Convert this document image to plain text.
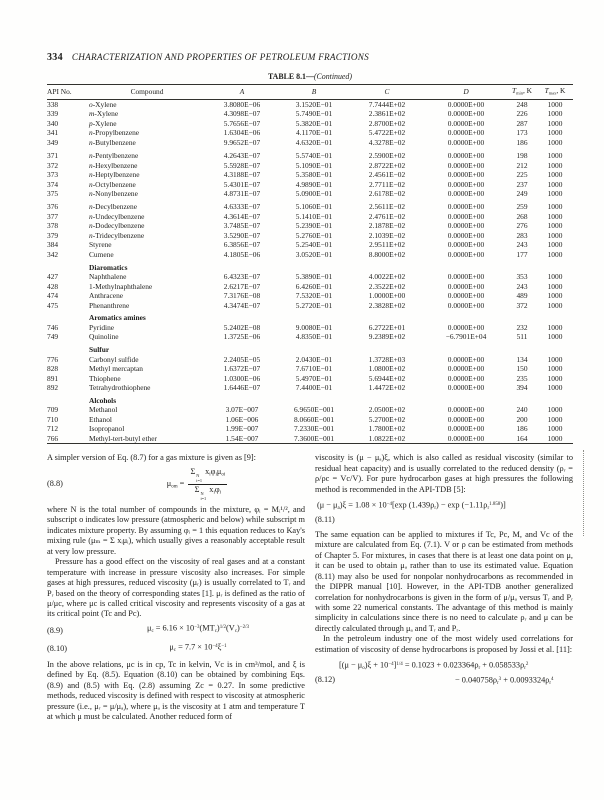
334 CHARACTERIZATION AND PROPERTIES OF PETROLEUM FRACTIONS
TABLE 8.1—(Continued)
API No.	Compound	A	B	C	D	Tmin, K	Tmax, K
338	o-Xylene	3.8080E−06	3.1520E−01	7.7444E+02	0.0000E+00	248	1000
339	m-Xylene	4.3098E−07	5.7490E−01	2.3861E+02	0.0000E+00	226	1000
340	p-Xylene	5.7656E−07	5.3820E−01	2.8700E+02	0.0000E+00	287	1000
341	n-Propylbenzene	1.6304E−06	4.1170E−01	5.4722E+02	0.0000E+00	173	1000
349	n-Butylbenzene	9.9652E−07	4.6320E−01	4.3278E−02	0.0000E+00	186	1000

371	n-Pentylbenzene	4.2643E−07	5.5740E−01	2.5900E+02	0.0000E+00	198	1000
372	n-Hexylbenzene	5.5928E−07	5.1090E−01	2.8722E+02	0.0000E+00	212	1000
373	n-Heptylbenzene	4.3188E−07	5.3580E−01	2.4561E−02	0.0000E+00	225	1000
374	n-Octylbenzene	5.4301E−07	4.9890E−01	2.7711E−02	0.0000E+00	237	1000
375	n-Nonylbenzene	4.8731E−07	5.0900E−01	2.6178E−02	0.0000E+00	249	1000

376	n-Decylbenzene	4.6333E−07	5.1060E−01	2.5611E−02	0.0000E+00	259	1000
377	n-Undecylbenzene	4.3614E−07	5.1410E−01	2.4761E−02	0.0000E+00	268	1000
378	n-Dodecylbenzene	3.7485E−07	5.2390E−01	2.1878E−02	0.0000E+00	276	1000
379	n-Tridecylbenzene	3.5290E−07	5.2760E−01	2.1039E−02	0.0000E+00	283	1000
384	Styrene	6.3856E−07	5.2540E−01	2.9511E+02	0.0000E+00	243	1000
342	Cumene	4.1805E−06	3.0520E−01	8.8000E+02	0.0000E+00	177	1000
	Diaromatics						
427	Naphthalene	6.4323E−07	5.3890E−01	4.0022E+02	0.0000E+00	353	1000
428	1-Methylnaphthalene	2.6217E−07	6.4260E−01	2.3522E+02	0.0000E+00	243	1000
474	Anthracene	7.3176E−08	7.5320E−01	1.0000E+00	0.0000E+00	489	1000
475	Phenanthrene	4.3474E−07	5.2720E−01	2.3828E+02	0.0000E+00	372	1000
	Aromatics amines						
746	Pyridine	5.2402E−08	9.0080E−01	6.2722E+01	0.0000E+00	232	1000
749	Quinoline	1.3725E−06	4.8350E−01	9.2389E+02	−6.7901E+04	511	1000
	Sulfur						
776	Carbonyl sulfide	2.2405E−05	2.0430E−01	1.3728E+03	0.0000E+00	134	1000
828	Methyl mercaptan	1.6372E−07	7.6710E−01	1.0800E+02	0.0000E+00	150	1000
891	Thiophene	1.0300E−06	5.4970E−01	5.6944E+02	0.0000E+00	235	1000
892	Tetrahydrothiophene	1.6446E−07	7.4400E−01	1.4472E+02	0.0000E+00	394	1000
	Alcohols						
709	Methanol	3.07E−007	6.9650E−001	2.0500E+02	0.0000E+00	240	1000
710	Ethanol	1.06E−006	8.0660E−001	5.2700E+02	0.0000E+00	200	1000
712	Isopropanol	1.99E−007	7.2330E−001	1.7800E+02	0.0000E+00	186	1000
766	Methyl-tert-butyl ether	1.54E−007	7.3600E−001	1.0822E+02	0.0000E+00	164	1000

A simpler version of Eq. (8.7) for a gas mixture is given as [9]:

(8.8)	μom = Σ N
i=1
xiφiμoi
Σ N
i=1
xiφi

where N is the total number of compounds in the mixture, φᵢ = Mᵢ¹/², and subscript o indicates low pressure (atmospheric and below) while subscript m indicates mixture property. By assuming φᵢ = 1 this equation reduces to Kay's mixing rule (μₘ = Σ xᵢμᵢ), which usually gives a reasonably acceptable result at very low pressure.

Pressure has a good effect on the viscosity of real gases and at a constant temperature with increase in pressure viscosity also increases. For simple gases at high pressures, reduced viscosity (μᵣ) is usually correlated to Tᵣ and Pᵣ based on the theory of corresponding states [1]. μᵣ is defined as the ratio of μ/μc, where μc is called critical viscosity and represents viscosity of a gas at its critical point (Tc and Pc).

(8.9)	$\mu c = 6.16 \times 10^{-3}(MTc)^{1/2}(Vc)^{-2/3}$
(8.10)	$\mu c = 7.7 \times 10^{-4}\xi^{-1}$

In the above relations, μc is in cp, Tc in kelvin, Vc is in cm³/mol, and ξ is defined by Eq. (8.5). Equation (8.10) can be obtained by combining Eqs. (8.9) and (8.5) with Eq. (2.8) assuming Zc = 0.27. In some predictive methods, reduced viscosity is defined with respect to viscosity at atmospheric pressure (i.e., μᵣ = μ/μₐ), where μₐ is the viscosity at 1 atm and temperature T at which μ must be calculated. Another reduced form of

viscosity is (μ − μₐ)ξ, which is also called as residual viscosity (similar to residual heat capacity) and is usually correlated to the reduced density (ρᵣ = ρ/ρc = Vc/V). For pure hydrocarbon gases at high pressures the following method is recommended in the API-TDB [5]:

$(\mu - \mu a)\xi = 1.08 \times 10^{-4}[\exp$ $(1.439\rho r) - \exp (-1.11\rho r^{1.858})$]
(8.11)

The same equation can be applied to mixtures if Tc, Pc, M, and Vc of the mixture are calculated from Eq. (7.1). V or ρ can be estimated from methods of Chapter 5. For mixtures, in cases that there is at least one data point on μ, it can be used to obtain μₐ rather than to use its estimated value. Equation (8.11) may also be used for nonpolar nonhydrocarbons as recommended in the DIPPR manual [10]. However, in the API-TDB another generalized correlation for nonhydrocarbons is given in the form of μ/μₐ versus Tᵣ and Pᵣ with some 22 numerical constants. The advantage of this method is mainly simplicity in calculations since there is no need to calculate ρᵣ and μ can be directly calculated through μₐ and Tᵣ and Pᵣ.

In the petroleum industry one of the most widely used correlations for estimation of viscosity of dense hydrocarbons is proposed by Jossi et al. [11]:

$[(\mu - \mu o)\xi + 10^{-4}]^{1/4} = 0.1023 + 0.023364\rho r + 0.058533\rho r^2$
(8.12)	− $0.040758\rho r^3 + 0.0093324\rho r^4$
